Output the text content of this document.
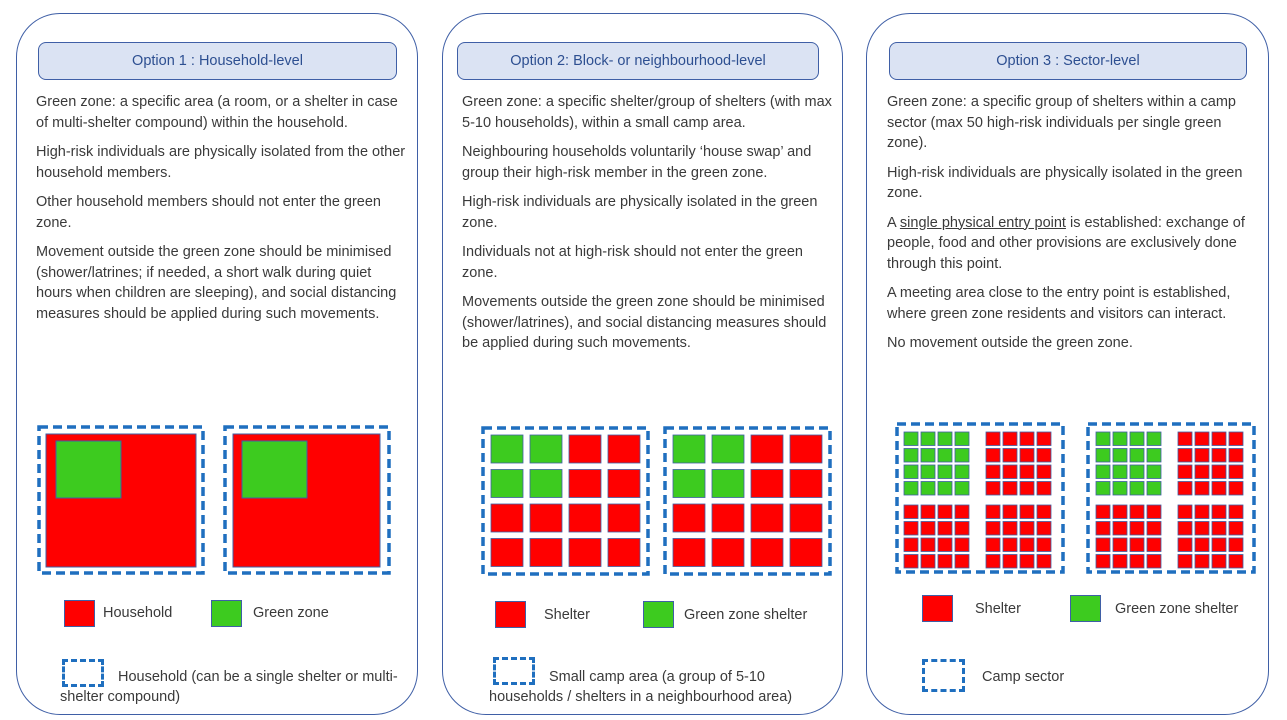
Option 1 : Household-level

Green zone: a specific area (a room, or a shelter in case of multi-shelter compound) within the household.

High-risk individuals are physically isolated from the other household members.

Other household members should not enter the green zone.

Movement outside the green zone should be minimised (shower/latrines; if needed, a short walk during quiet hours when children are sleeping), and social distancing measures should be applied during such movements.

Household	Green zone
Household (can be a single shelter or multi-shelter compound)
Option 2: Block- or neighbourhood-level

Green zone: a specific shelter/group of shelters (with max 5-10 households), within a small camp area.

Neighbouring households voluntarily ‘house swap’ and group their high-risk member in the green zone.

High-risk individuals are physically isolated in the green zone.

Individuals not at high-risk should not enter the green zone.

Movements outside the green zone should be minimised (shower/latrines), and social distancing measures should be applied during such movements.

Shelter	Green zone shelter
Small camp area (a group of 5-10 households / shelters in a neighbourhood area)
Option 3 : Sector-level

Green zone: a specific group of shelters within a camp sector (max 50 high-risk individuals per single green zone).

High-risk individuals are physically isolated in the green zone.

A single physical entry point is established: exchange of people, food and other provisions are exclusively done through this point.

A meeting area close to the entry point is established, where green zone residents and visitors can interact.

No movement outside the green zone.

Shelter	Green zone shelter
Camp sector
